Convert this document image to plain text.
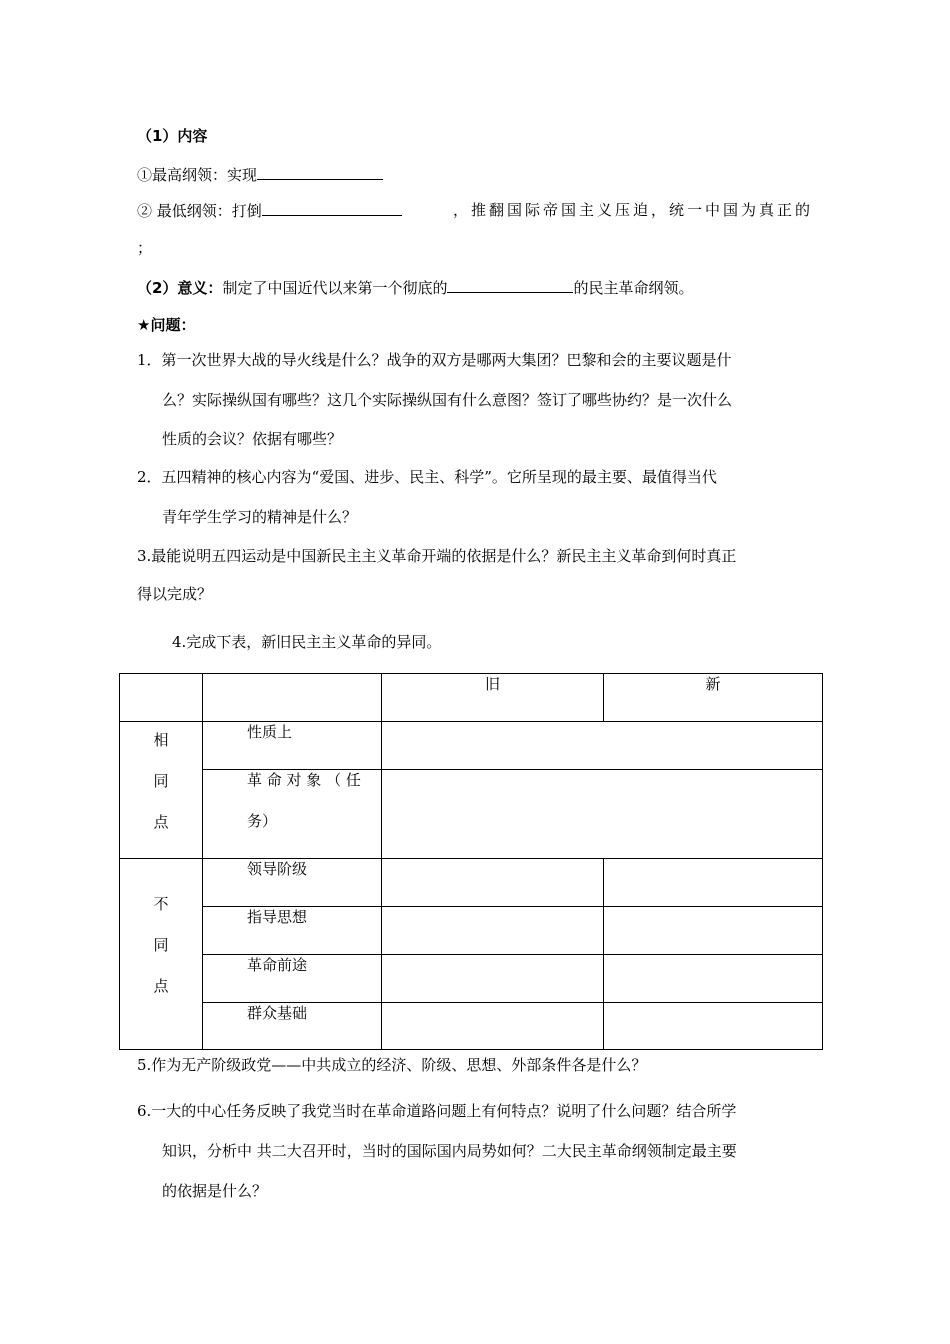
（1）内容
①最高纲领：实现
② 最低纲领：打倒	，推翻国际帝国主义压迫，统一中国为真正的
；
（2）意义：制定了中国近代以来第一个彻底的	的民主革命纲领。
★问题：
1．第一次世界大战的导火线是什么？战争的双方是哪两大集团？巴黎和会的主要议题是什
么？实际操纵国有哪些？这几个实际操纵国有什么意图？签订了哪些协约？是一次什么
性质的会议？依据有哪些？
2．五四精神的核心内容为“爱国、进步、民主、科学”。它所呈现的最主要、最值得当代
青年学生学习的精神是什么？
3.最能说明五四运动是中国新民主主义革命开端的依据是什么？新民主主义革命到何时真正
得以完成？
4.完成下表，新旧民主主义革命的异同。
		旧	新

相
同
点	性质上		

	革 命 对 象 （ 任
务）		

不
同
点	领导阶级		
	指导思想		
	革命前途		
	群众基础		
5.作为无产阶级政党——中共成立的经济、阶级、思想、外部条件各是什么？
6.一大的中心任务反映了我党当时在革命道路问题上有何特点？说明了什么问题？结合所学
知识，分析中 共二大召开时，当时的国际国内局势如何？二大民主革命纲领制定最主要
的依据是什么？
